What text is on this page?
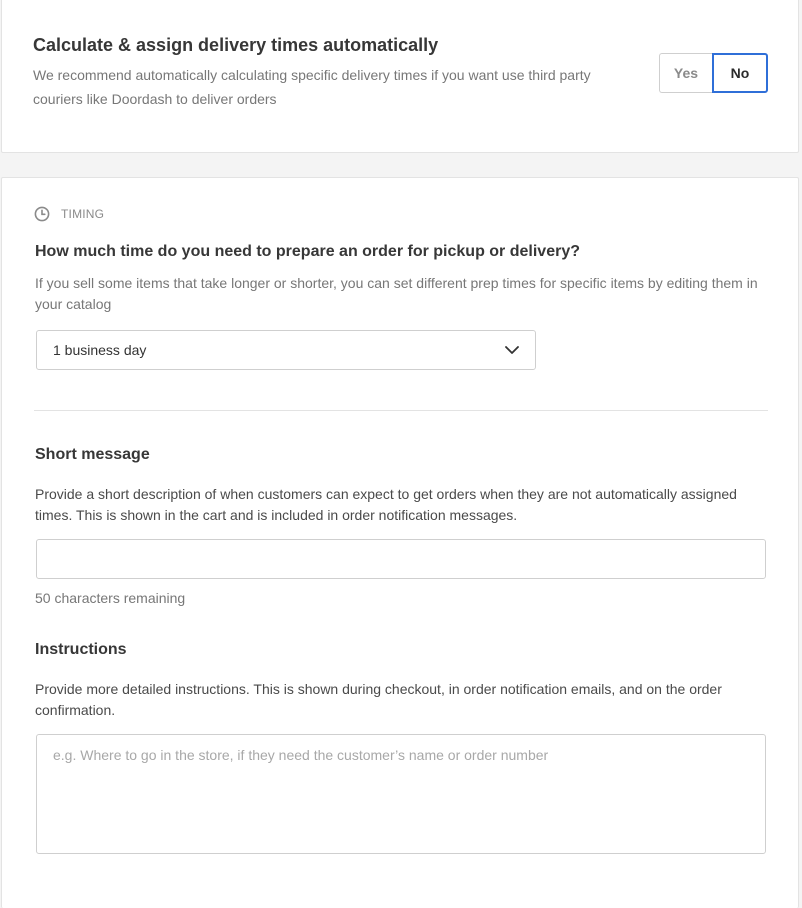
Calculate & assign delivery times automatically

We recommend automatically calculating specific delivery times if you want use third party couriers like Doordash to deliver orders

Yes	No
TIMING
How much time do you need to prepare an order for pickup or delivery?

If you sell some items that take longer or shorter, you can set different prep times for specific items by editing them in your catalog

1 business day
Short message

Provide a short description of when customers can expect to get orders when they are not automatically assigned times. This is shown in the cart and is included in order notification messages.

50 characters remaining
Instructions

Provide more detailed instructions. This is shown during checkout, in order notification emails, and on the order confirmation.

e.g. Where to go in the store, if they need the customer’s name or order number
